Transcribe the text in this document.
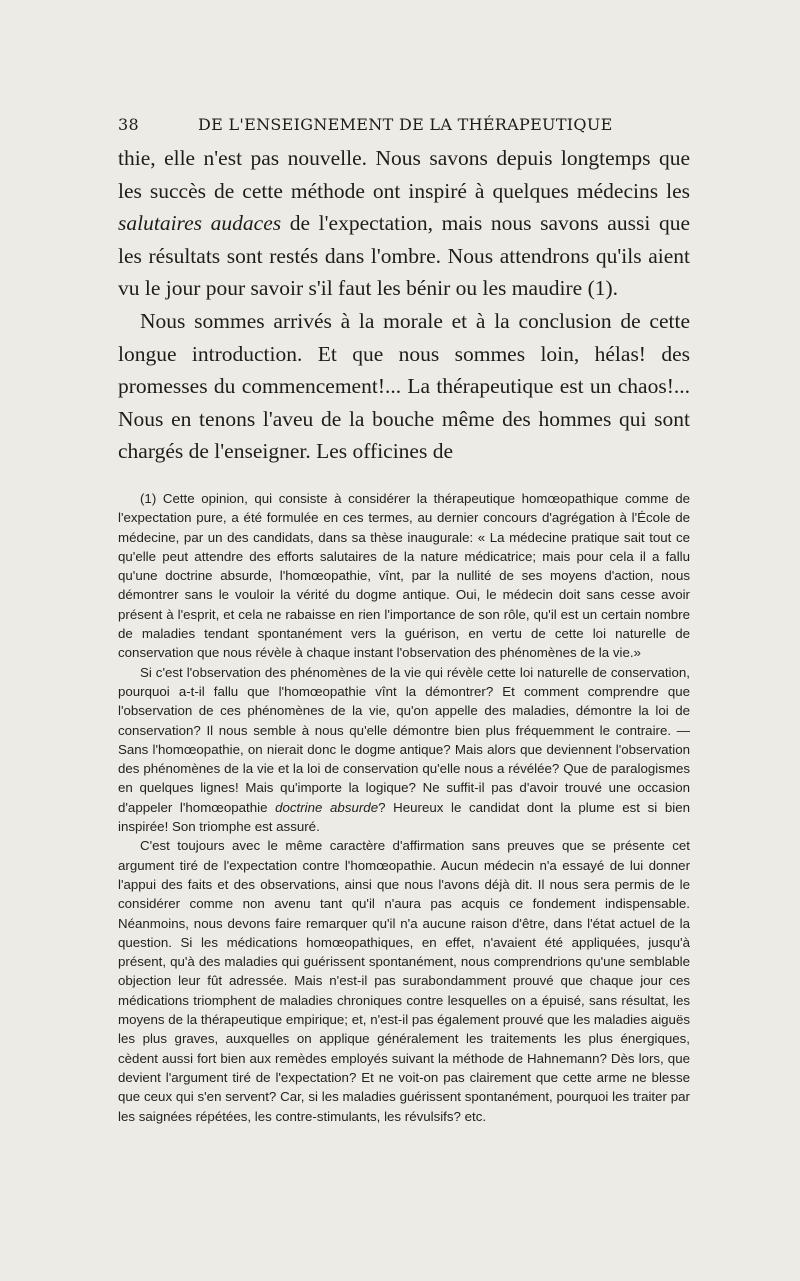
38	DE L'ENSEIGNEMENT DE LA THÉRAPEUTIQUE

thie, elle n'est pas nouvelle. Nous savons depuis longtemps que les succès de cette méthode ont inspiré à quelques médecins les salutaires audaces de l'expectation, mais nous savons aussi que les résultats sont restés dans l'ombre. Nous attendrons qu'ils aient vu le jour pour savoir s'il faut les bénir ou les maudire (1).

Nous sommes arrivés à la morale et à la conclusion de cette longue introduction. Et que nous sommes loin, hélas! des promesses du commencement!... La thérapeutique est un chaos!... Nous en tenons l'aveu de la bouche même des hommes qui sont chargés de l'enseigner. Les officines de

(1) Cette opinion, qui consiste à considérer la thérapeutique homœopathique comme de l'expectation pure, a été formulée en ces termes, au dernier concours d'agrégation à l'École de médecine, par un des candidats, dans sa thèse inaugurale: « La médecine pratique sait tout ce qu'elle peut attendre des efforts salutaires de la nature médicatrice; mais pour cela il a fallu qu'une doctrine absurde, l'homœopathie, vînt, par la nullité de ses moyens d'action, nous démontrer sans le vouloir la vérité du dogme antique. Oui, le médecin doit sans cesse avoir présent à l'esprit, et cela ne rabaisse en rien l'importance de son rôle, qu'il est un certain nombre de maladies tendant spontanément vers la guérison, en vertu de cette loi naturelle de conservation que nous révèle à chaque instant l'observation des phénomènes de la vie.»

Si c'est l'observation des phénomènes de la vie qui révèle cette loi naturelle de conservation, pourquoi a-t-il fallu que l'homœopathie vînt la démontrer? Et comment comprendre que l'observation de ces phénomènes de la vie, qu'on appelle des maladies, démontre la loi de conservation? Il nous semble à nous qu'elle démontre bien plus fréquemment le contraire. — Sans l'homœopathie, on nierait donc le dogme antique? Mais alors que deviennent l'observation des phénomènes de la vie et la loi de conservation qu'elle nous a révélée? Que de paralogismes en quelques lignes! Mais qu'importe la logique? Ne suffit-il pas d'avoir trouvé une occasion d'appeler l'homœopathie doctrine absurde? Heureux le candidat dont la plume est si bien inspirée! Son triomphe est assuré.

C'est toujours avec le même caractère d'affirmation sans preuves que se présente cet argument tiré de l'expectation contre l'homœopathie. Aucun médecin n'a essayé de lui donner l'appui des faits et des observations, ainsi que nous l'avons déjà dit. Il nous sera permis de le considérer comme non avenu tant qu'il n'aura pas acquis ce fondement indispensable. Néanmoins, nous devons faire remarquer qu'il n'a aucune raison d'être, dans l'état actuel de la question. Si les médications homœopathiques, en effet, n'avaient été appliquées, jusqu'à présent, qu'à des maladies qui guérissent spontanément, nous comprendrions qu'une semblable objection leur fût adressée. Mais n'est-il pas surabondamment prouvé que chaque jour ces médications triomphent de maladies chroniques contre lesquelles on a épuisé, sans résultat, les moyens de la thérapeutique empirique; et, n'est-il pas également prouvé que les maladies aiguës les plus graves, auxquelles on applique généralement les traitements les plus énergiques, cèdent aussi fort bien aux remèdes employés suivant la méthode de Hahnemann? Dès lors, que devient l'argument tiré de l'expectation? Et ne voit-on pas clairement que cette arme ne blesse que ceux qui s'en servent? Car, si les maladies guérissent spontanément, pourquoi les traiter par les saignées répétées, les contre-stimulants, les révulsifs? etc.
